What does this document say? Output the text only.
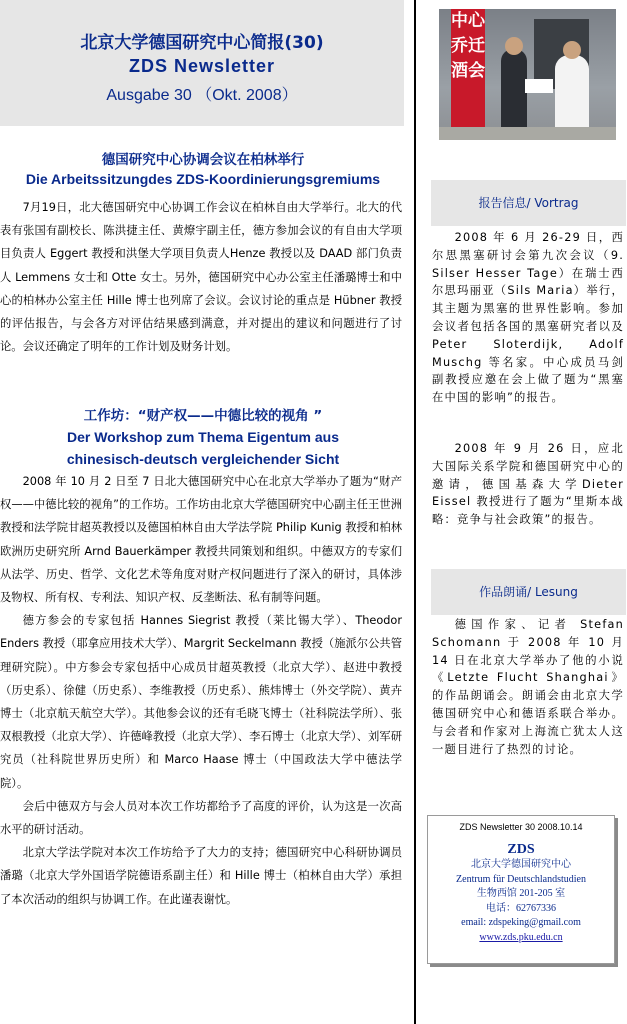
北京大学德国研究中心简报(30)
ZDS Newsletter
Ausgabe 30 （Okt. 2008）
德国研究中心协调会议在柏林举行
Die Arbeitssitzungdes ZDS-Koordinierungsgremiums

7月19日，北大德国研究中心协调工作会议在柏林自由大学举行。北大的代表有张国有副校长、陈洪捷主任、黄燎宇副主任，德方参加会议的有自由大学项目负责人 Eggert 教授和洪堡大学项目负责人Henze 教授以及 DAAD 部门负责人 Lemmens 女士和 Otte 女士。另外，德国研究中心办公室主任潘璐博士和中心的柏林办公室主任 Hille 博士也列席了会议。会议讨论的重点是 Hübner 教授的评估报告，与会各方对评估结果感到满意，并对提出的建议和问题进行了讨论。会议还确定了明年的工作计划及财务计划。

工作坊：“财产权——中德比较的视角 ”
Der Workshop zum Thema Eigentum aus
chinesisch-deutsch vergleichender Sicht

2008 年 10 月 2 日至 7 日北大德国研究中心在北京大学举办了题为“财产权——中德比较的视角”的工作坊。工作坊由北京大学德国研究中心副主任王世洲教授和法学院甘超英教授以及德国柏林自由大学法学院 Philip Kunig 教授和柏林欧洲历史研究所 Arnd Bauerkämper 教授共同策划和组织。中德双方的专家们从法学、历史、哲学、文化艺术等角度对财产权问题进行了深入的研讨，具体涉及物权、所有权、专利法、知识产权、反垄断法、私有制等问题。

德方参会的专家包括 Hannes Siegrist 教授（莱比锡大学）、Theodor Enders 教授（耶拿应用技术大学）、Margrit Seckelmann 教授（施派尔公共管理研究院）。中方参会专家包括中心成员甘超英教授（北京大学）、赵进中教授（历史系）、徐健（历史系）、李维教授（历史系）、熊炜博士（外交学院）、黄卉博士（北京航天航空大学）。其他参会议的还有毛晓飞博士（社科院法学所）、张双根教授（北京大学）、许德峰教授（北京大学）、李石博士（北京大学）、刘军研究员（社科院世界历史所）和 Marco Haase 博士（中国政法大学中德法学院）。

会后中德双方与会人员对本次工作坊都给予了高度的评价，认为这是一次高水平的研讨活动。

北京大学法学院对本次工作坊给予了大力的支持；德国研究中心科研协调员潘璐（北京大学外国语学院德语系副主任）和 Hille 博士（柏林自由大学）承担了本次活动的组织与协调工作。在此谨表谢忱。

中心乔迁酒会
报告信息/ Vortrag

2008 年 6 月 26-29 日，西尔思黑塞研讨会第九次会议（9. Silser Hesser Tage）在瑞士西尔思玛丽亚（Sils Maria）举行，其主题为黑塞的世界性影响。参加会议者包括各国的黑塞研究者以及Peter Sloterdijk, Adolf Muschg 等名家。中心成员马剑副教授应邀在会上做了题为“黑塞在中国的影响”的报告。

2008 年 9 月 26 日，应北大国际关系学院和德国研究中心的邀请，德国基森大学Dieter Eissel 教授进行了题为“里斯本战略：竞争与社会政策”的报告。

作品朗诵/ Lesung

德国作家、记者 Stefan Schomann 于 2008 年 10 月 14 日在北京大学举办了他的小说《Letzte Flucht Shanghai》的作品朗诵会。朗诵会由北京大学德国研究中心和德语系联合举办。与会者和作家对上海流亡犹太人这一题目进行了热烈的讨论。

ZDS Newsletter 30 2008.10.14
ZDS
北京大学德国研究中心
Zentrum für Deutschlandstudien
生物西馆 201-205 室
电话：62767336
email: zdspeking@gmail.com
www.zds.pku.edu.cn
